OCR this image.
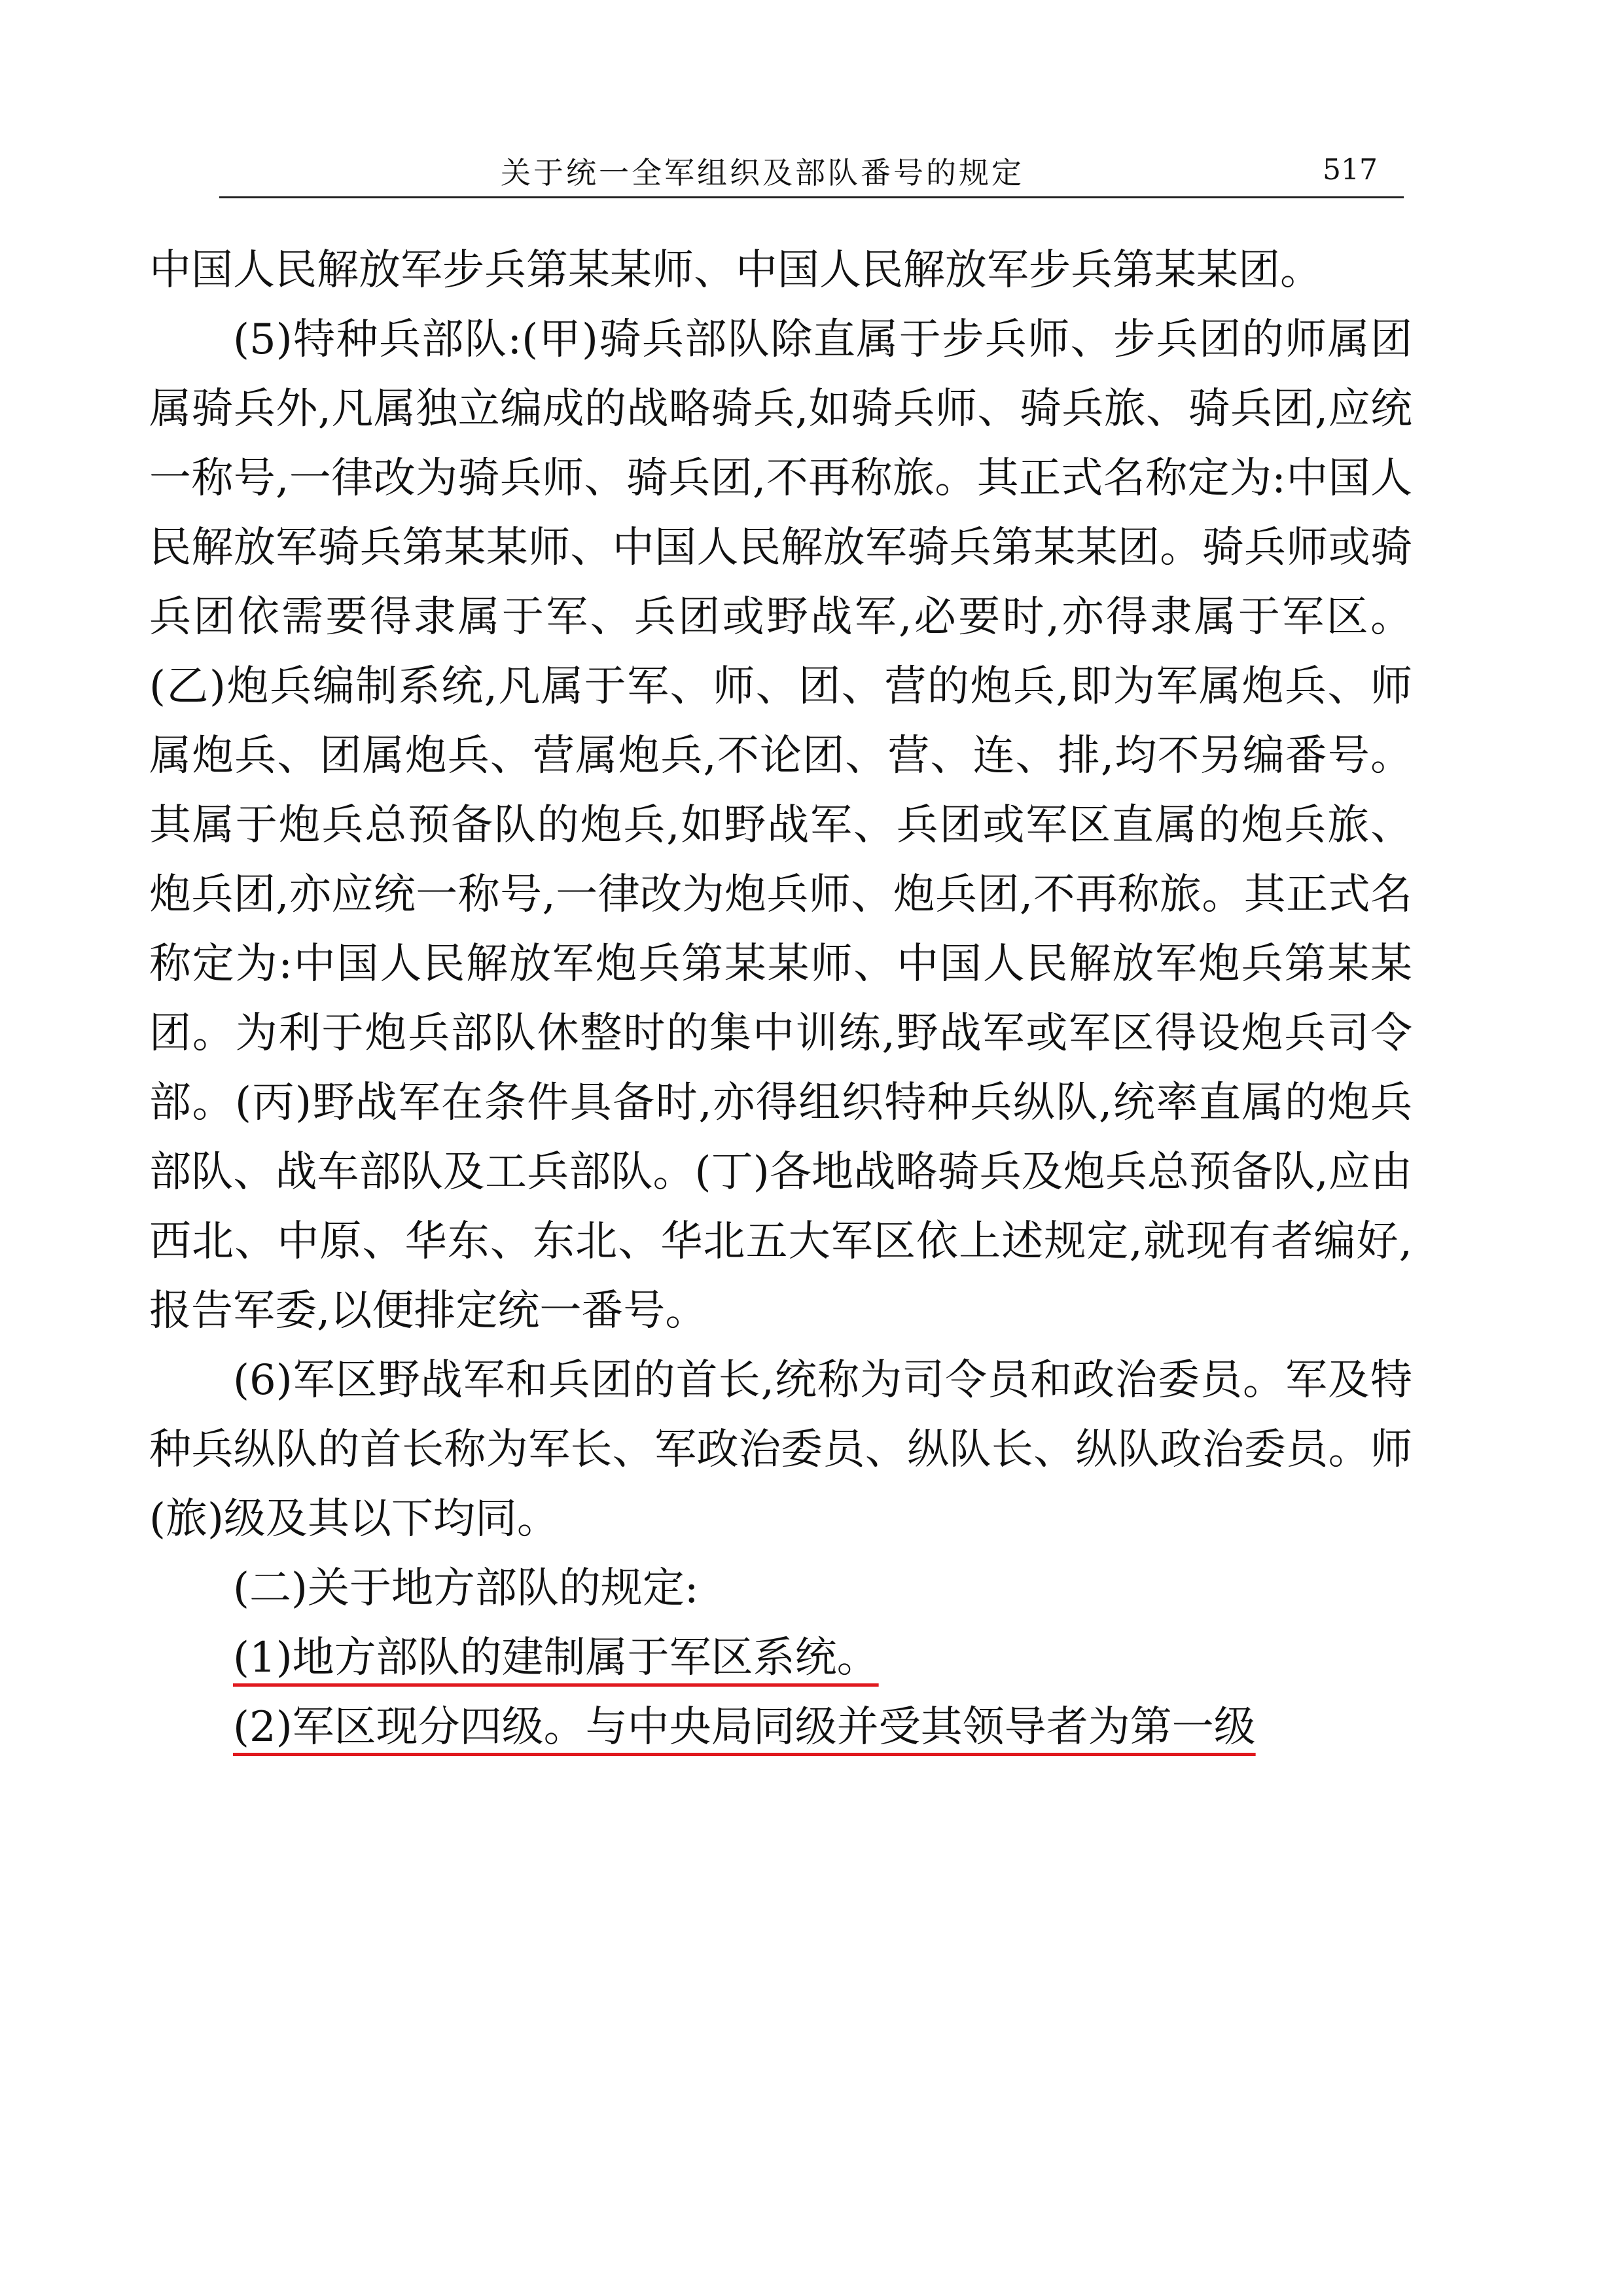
关于统一全军组织及部队番号的规定	517

中国人民解放军步兵第某某师、中国人民解放军步兵第某某团。

(5)特种兵部队:(甲)骑兵部队除直属于步兵师、步兵团的师属团属骑兵外,凡属独立编成的战略骑兵,如骑兵师、骑兵旅、骑兵团,应统一称号,一律改为骑兵师、骑兵团,不再称旅。其正式名称定为:中国人民解放军骑兵第某某师、中国人民解放军骑兵第某某团。骑兵师或骑兵团依需要得隶属于军、兵团或野战军,必要时,亦得隶属于军区。(乙)炮兵编制系统,凡属于军、师、团、营的炮兵,即为军属炮兵、师属炮兵、团属炮兵、营属炮兵,不论团、营、连、排,均不另编番号。其属于炮兵总预备队的炮兵,如野战军、兵团或军区直属的炮兵旅、炮兵团,亦应统一称号,一律改为炮兵师、炮兵团,不再称旅。其正式名称定为:中国人民解放军炮兵第某某师、中国人民解放军炮兵第某某团。为利于炮兵部队休整时的集中训练,野战军或军区得设炮兵司令部。(丙)野战军在条件具备时,亦得组织特种兵纵队,统率直属的炮兵部队、战车部队及工兵部队。(丁)各地战略骑兵及炮兵总预备队,应由西北、中原、华东、东北、华北五大军区依上述规定,就现有者编好,报告军委,以便排定统一番号。

(6)军区野战军和兵团的首长,统称为司令员和政治委员。军及特种兵纵队的首长称为军长、军政治委员、纵队长、纵队政治委员。师(旅)级及其以下均同。

(二)关于地方部队的规定:

(1)地方部队的建制属于军区系统。

(2)军区现分四级。与中央局同级并受其领导者为第一级
